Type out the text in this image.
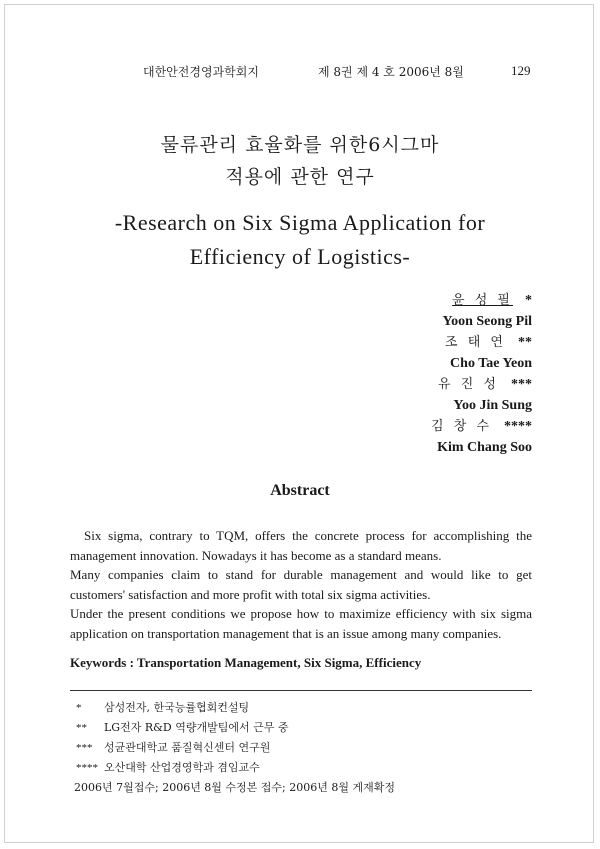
대한안전경영과학회지	제 8권 제 4 호 2006년 8월	129
물류관리 효율화를 위한6시그마
적용에 관한 연구
-Research on Six Sigma Application for
Efficiency of Logistics-
윤 성 필 *
Yoon Seong Pil
조 태 연 **
Cho Tae Yeon
유 진 성 ***
Yoo Jin Sung
김 창 수 ****
Kim Chang Soo
Abstract

Six sigma, contrary to TQM, offers the concrete process for accomplishing the management innovation. Nowadays it has become as a standard means.

Many companies claim to stand for durable management and would like to get customers' satisfaction and more profit with total six sigma activities.

Under the present conditions we propose how to maximize efficiency with six sigma application on transportation management that is an issue among many companies.

Keywords : Transportation Management, Six Sigma, Efficiency
* 삼성전자, 한국능률협회컨설팅
** LG전자 R&D 역량개발팀에서 근무 중
*** 성균관대학교 품질혁신센터 연구원
**** 오산대학 산업경영학과 겸임교수
2006년 7월접수; 2006년 8월 수정본 접수; 2006년 8월 게재확정
